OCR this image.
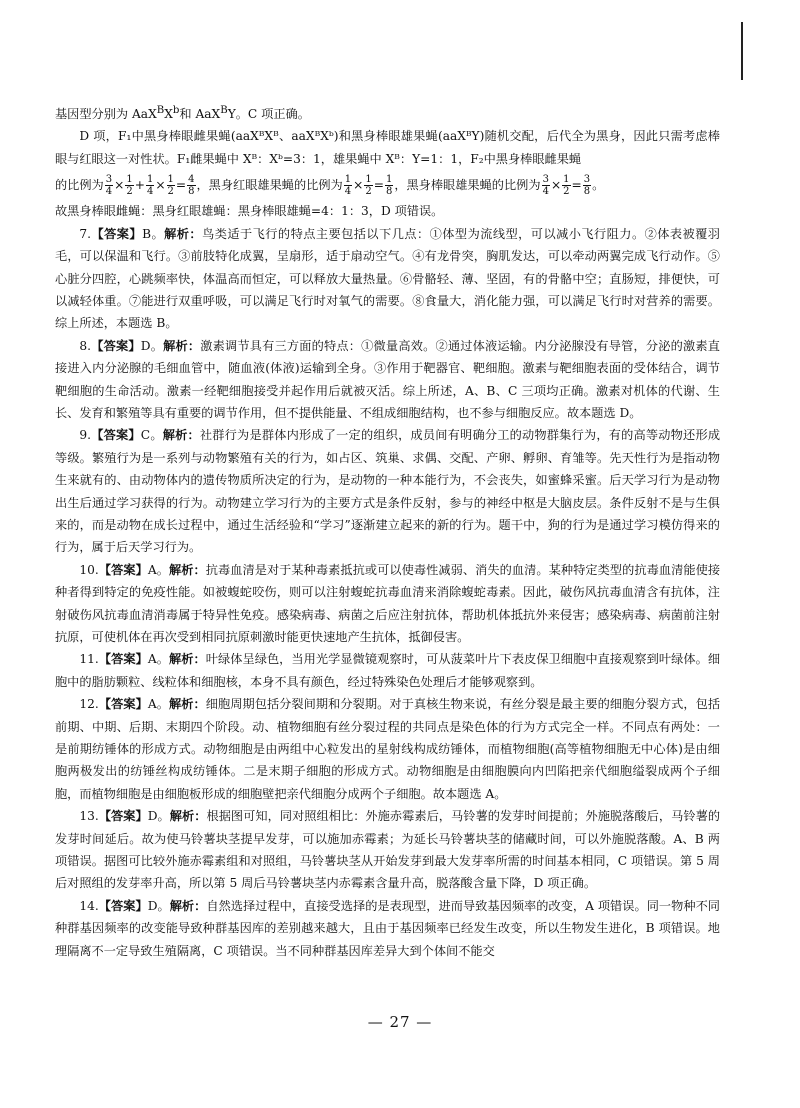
基因型分别为 $AaX^BX^b$和 AaX$^B$Y。C 项正确。

D 项，F₁中黑身棒眼雌果蝇(aaXᴮXᴮ、aaXᴮXᵇ)和黑身棒眼雄果蝇(aaXᴮY)随机交配，后代全为黑身，因此只需考虑棒眼与红眼这一对性状。F₁雌果蝇中 Xᴮ：Xᵇ=3：1，雄果蝇中 Xᴮ：Y=1：1，F₂中黑身棒眼雌果蝇

的比例为 $\frac{3}{4} \times \frac{1}{2} + \frac{1}{4} \times \frac{1}{2} = \frac{4}{8}$ ，黑身红眼雄果蝇的比例为 $\frac{1}{4} \times \frac{1}{2} = \frac{1}{8}$ ，黑身棒眼雄果蝇的比例为 $\frac{3}{4} \times \frac{1}{2} = \frac{3}{8}$ 。

故黑身棒眼雌蝇：黑身红眼雄蝇：黑身棒眼雄蝇=4：1：3，D 项错误。

7.【答案】B。解析：鸟类适于飞行的特点主要包括以下几点：①体型为流线型，可以减小飞行阻力。②体表被覆羽毛，可以保温和飞行。③前肢特化成翼，呈扇形，适于扇动空气。④有龙骨突，胸肌发达，可以牵动两翼完成飞行动作。⑤心脏分四腔，心跳频率快，体温高而恒定，可以释放大量热量。⑥骨骼轻、薄、坚固，有的骨骼中空；直肠短，排便快，可以减轻体重。⑦能进行双重呼吸，可以满足飞行时对氧气的需要。⑧食量大，消化能力强，可以满足飞行时对营养的需要。综上所述，本题选 B。

8.【答案】D。解析：激素调节具有三方面的特点：①微量高效。②通过体液运输。内分泌腺没有导管，分泌的激素直接进入内分泌腺的毛细血管中，随血液(体液)运输到全身。③作用于靶器官、靶细胞。激素与靶细胞表面的受体结合，调节靶细胞的生命活动。激素一经靶细胞接受并起作用后就被灭活。综上所述，A、B、C 三项均正确。激素对机体的代谢、生长、发育和繁殖等具有重要的调节作用，但不提供能量、不组成细胞结构，也不参与细胞反应。故本题选 D。

9.【答案】C。解析：社群行为是群体内形成了一定的组织，成员间有明确分工的动物群集行为，有的高等动物还形成等级。繁殖行为是一系列与动物繁殖有关的行为，如占区、筑巢、求偶、交配、产卵、孵卵、育雏等。先天性行为是指动物生来就有的、由动物体内的遗传物质所决定的行为，是动物的一种本能行为，不会丧失，如蜜蜂采蜜。后天学习行为是动物出生后通过学习获得的行为。动物建立学习行为的主要方式是条件反射，参与的神经中枢是大脑皮层。条件反射不是与生俱来的，而是动物在成长过程中，通过生活经验和“学习”逐渐建立起来的新的行为。题干中，狗的行为是通过学习模仿得来的行为，属于后天学习行为。

10.【答案】A。解析：抗毒血清是对于某种毒素抵抗或可以使毒性减弱、消失的血清。某种特定类型的抗毒血清能使接种者得到特定的免疫性能。如被蝮蛇咬伤，则可以注射蝮蛇抗毒血清来消除蝮蛇毒素。因此，破伤风抗毒血清含有抗体，注射破伤风抗毒血清消毒属于特异性免疫。感染病毒、病菌之后应注射抗体，帮助机体抵抗外来侵害；感染病毒、病菌前注射抗原，可使机体在再次受到相同抗原刺激时能更快速地产生抗体，抵御侵害。

11.【答案】A。解析：叶绿体呈绿色，当用光学显微镜观察时，可从菠菜叶片下表皮保卫细胞中直接观察到叶绿体。细胞中的脂肪颗粒、线粒体和细胞核，本身不具有颜色，经过特殊染色处理后才能够观察到。

12.【答案】A。解析：细胞周期包括分裂间期和分裂期。对于真核生物来说，有丝分裂是最主要的细胞分裂方式，包括前期、中期、后期、末期四个阶段。动、植物细胞有丝分裂过程的共同点是染色体的行为方式完全一样。不同点有两处：一是前期纺锤体的形成方式。动物细胞是由两组中心粒发出的星射线构成纺锤体，而植物细胞(高等植物细胞无中心体)是由细胞两极发出的纺锤丝构成纺锤体。二是末期子细胞的形成方式。动物细胞是由细胞膜向内凹陷把亲代细胞缢裂成两个子细胞，而植物细胞是由细胞板形成的细胞壁把亲代细胞分成两个子细胞。故本题选 A。

13.【答案】D。解析：根据图可知，同对照组相比：外施赤霉素后，马铃薯的发芽时间提前；外施脱落酸后，马铃薯的发芽时间延后。故为使马铃薯块茎提早发芽，可以施加赤霉素；为延长马铃薯块茎的储藏时间，可以外施脱落酸。A、B 两项错误。据图可比较外施赤霉素组和对照组，马铃薯块茎从开始发芽到最大发芽率所需的时间基本相同，C 项错误。第 5 周后对照组的发芽率升高，所以第 5 周后马铃薯块茎内赤霉素含量升高，脱落酸含量下降，D 项正确。

14.【答案】D。解析：自然选择过程中，直接受选择的是表现型，进而导致基因频率的改变，A 项错误。同一物种不同种群基因频率的改变能导致种群基因库的差别越来越大，且由于基因频率已经发生改变，所以生物发生进化，B 项错误。地理隔离不一定导致生殖隔离，C 项错误。当不同种群基因库差异大到个体间不能交

— 27 —
